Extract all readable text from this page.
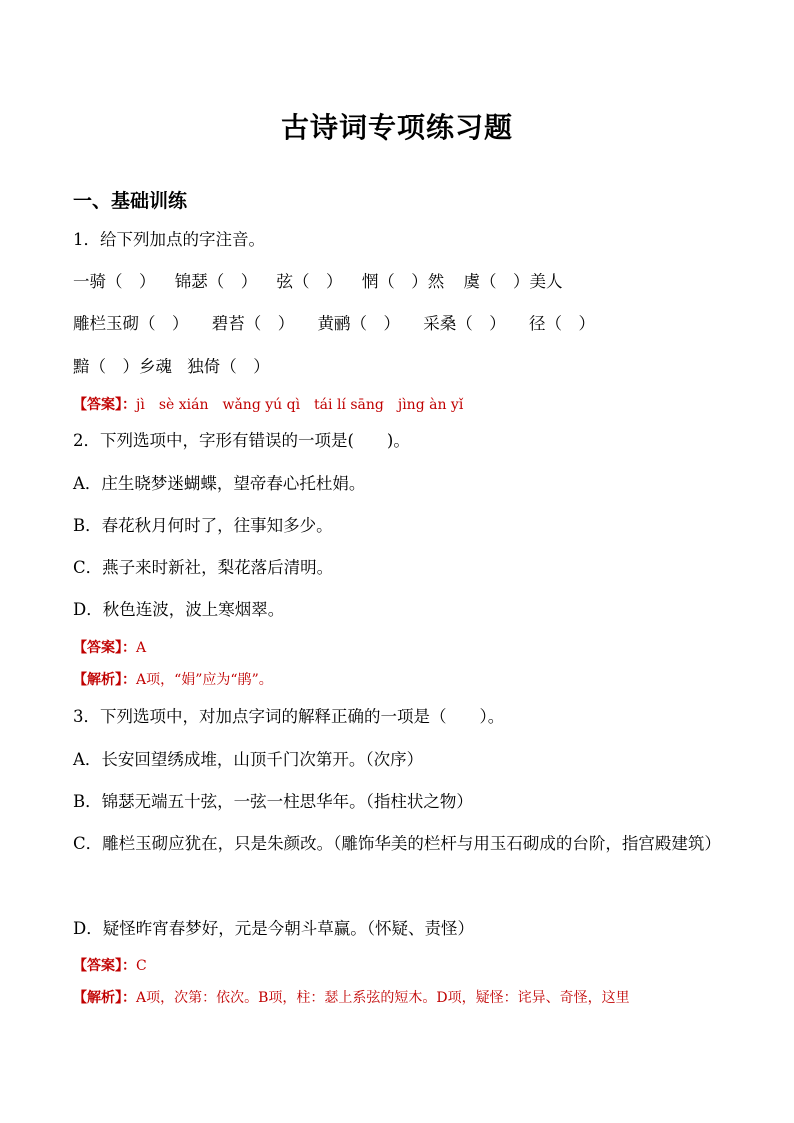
古诗词专项练习题
一、基础训练
1．给下列加点的字注音。
一骑（　） 锦瑟（　） 弦（　） 惘（　）然 虞（　）美人
雕栏玉砌（　） 碧苔（　） 黄鹂（　） 采桑（　） 径（　）
黯（　）乡魂 独倚（　）
【答案】：jì　sè xián　wǎng yú qì　tái lí sāng　jìng àn yǐ
2．下列选项中，字形有错误的一项是(　　)。
A．庄生晓梦迷蝴蝶，望帝春心托杜娟。
B．春花秋月何时了，往事知多少。
C．燕子来时新社，梨花落后清明。
D．秋色连波，波上寒烟翠。
【答案】：A
【解析】：A项，“娟”应为“鹃”。
3．下列选项中，对加点字词的解释正确的一项是（　　）。
A．长安回望绣成堆，山顶千门次第开。（次序）
B．锦瑟无端五十弦，一弦一柱思华年。（指柱状之物）
C．雕栏玉砌应犹在，只是朱颜改。（雕饰华美的栏杆与用玉石砌成的台阶，指宫殿建筑）
D．疑怪昨宵春梦好，元是今朝斗草赢。（怀疑、责怪）
【答案】：C
【解析】：A项，次第：依次。B项，柱：瑟上系弦的短木。D项，疑怪：诧异、奇怪，这里
